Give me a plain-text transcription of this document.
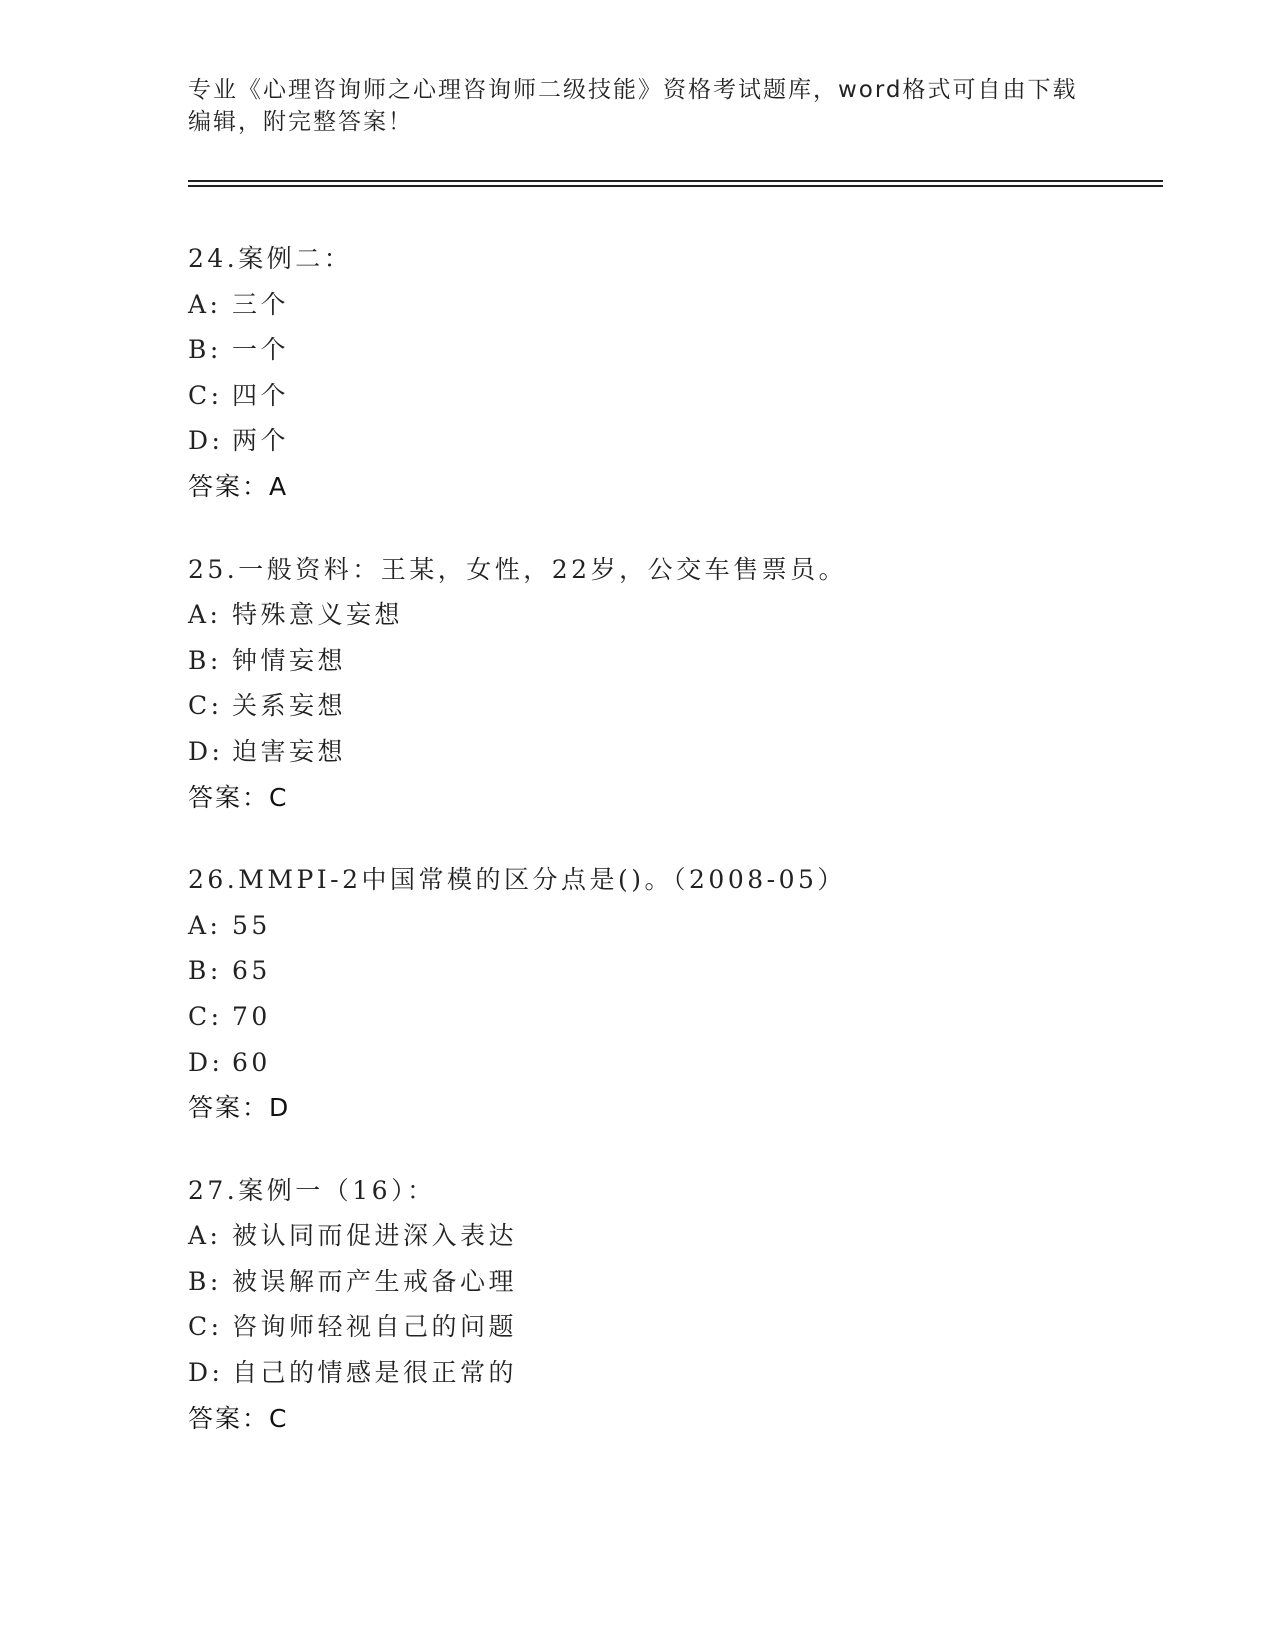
专业《心理咨询师之心理咨询师二级技能》资格考试题库，word格式可自由下载
编辑，附完整答案！
24.案例二：
A: 三个
B: 一个
C: 四个
D: 两个
答案：A
25.一般资料：王某，女性，22岁，公交车售票员。
A: 特殊意义妄想
B: 钟情妄想
C: 关系妄想
D: 迫害妄想
答案：C
26.MMPI-2中国常模的区分点是()。（2008-05）
A: 55
B: 65
C: 70
D: 60
答案：D
27.案例一（16）：
A: 被认同而促进深入表达
B: 被误解而产生戒备心理
C: 咨询师轻视自己的问题
D: 自己的情感是很正常的
答案：C
